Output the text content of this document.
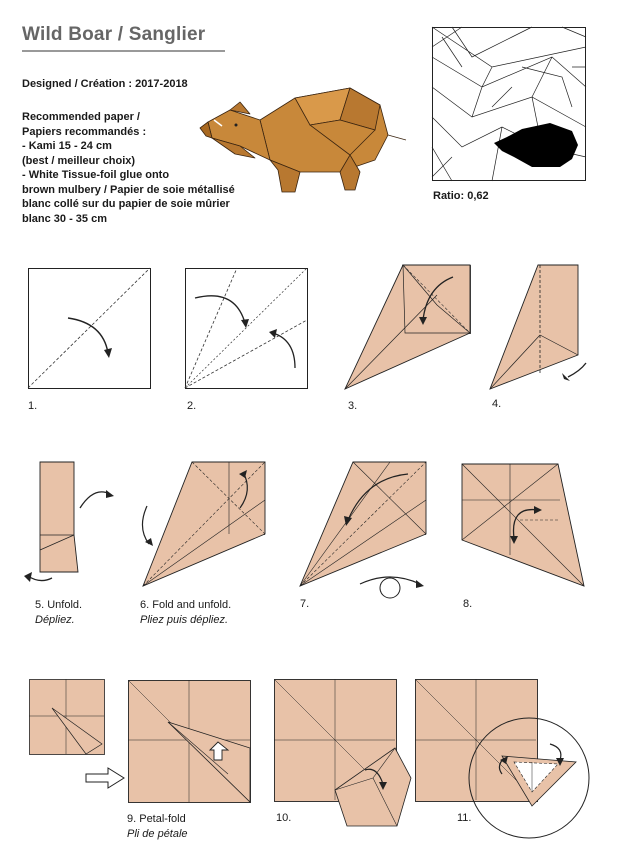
Wild Boar / Sanglier
Designed / Création : 2017-2018
Recommended paper /
Papiers recommandés :
- Kami 15 - 24 cm
(best / meilleur choix)
- White Tissue-foil glue onto
brown mulbery / Papier de soie métallisé
blanc collé sur du papier de soie mûrier
blanc 30 - 35 cm
Ratio: 0,62
1.	2.	3.	4.
5. Unfold.
Dépliez.
6. Fold and unfold.
Pliez puis dépliez.
7.	8.
9. Petal-fold
Pli de pétale
10.	11.
